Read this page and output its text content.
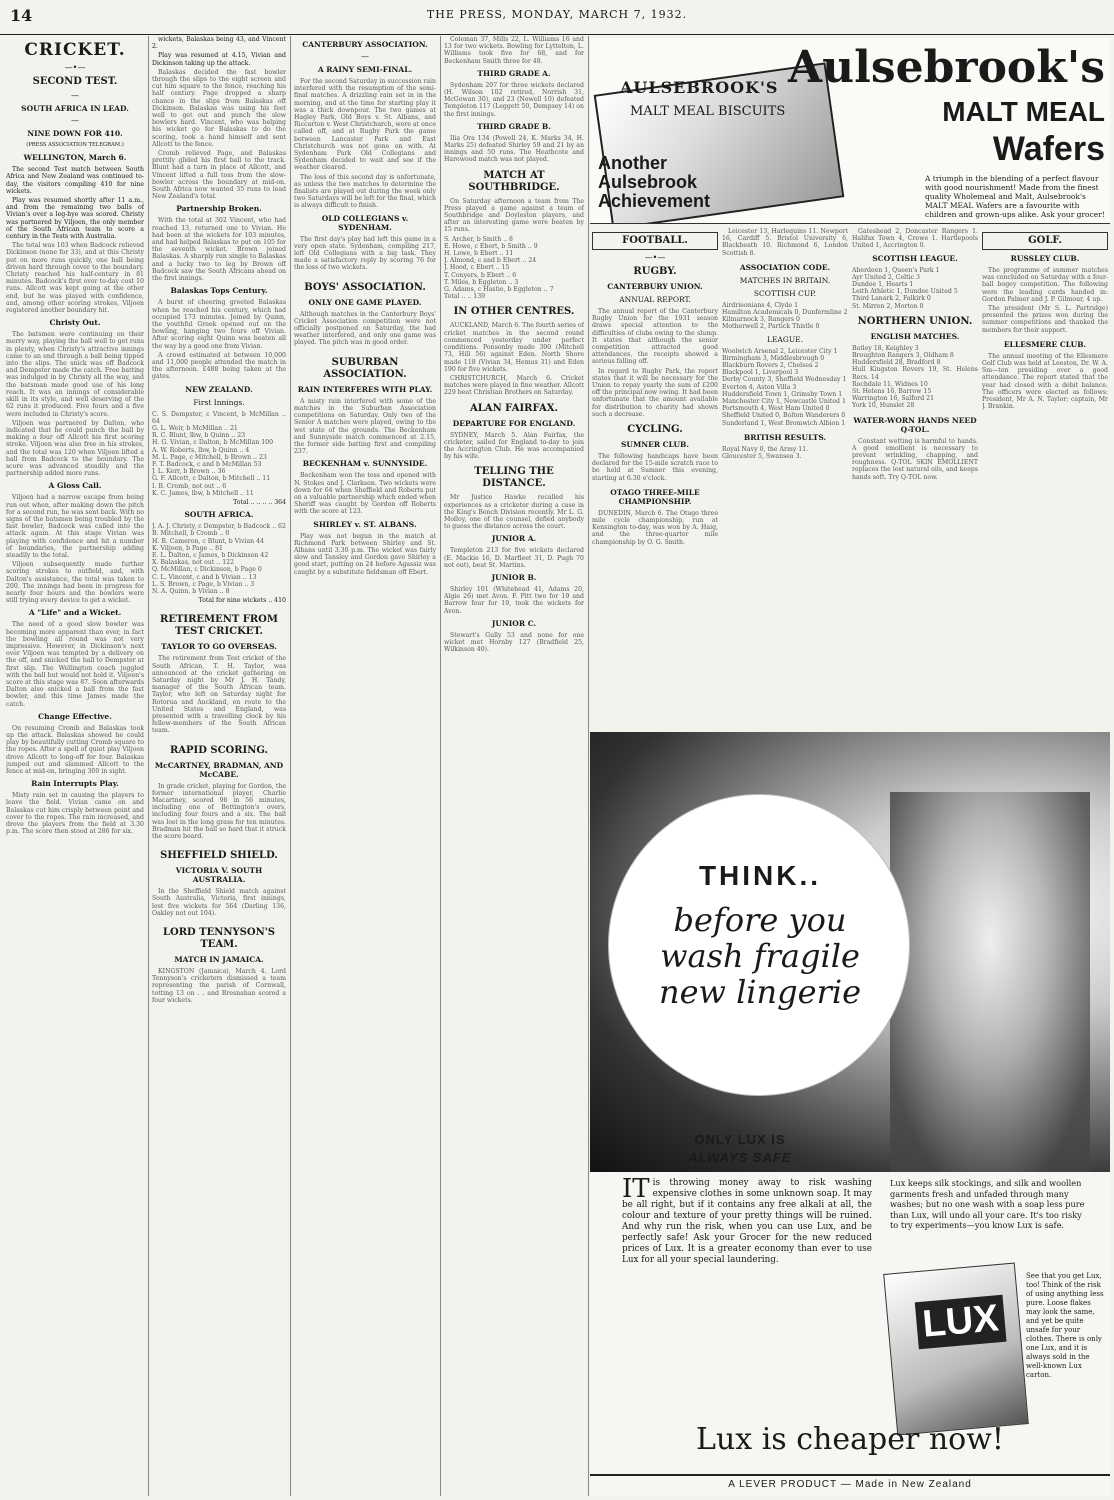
14	THE PRESS, MONDAY, MARCH 7, 1932.
CRICKET.
—•—
SECOND TEST.
—
SOUTH AFRICA IN LEAD.
—
NINE DOWN FOR 410.
(PRESS ASSOCIATION TELEGRAM.)
WELLINGTON, March 6.

The second Test match between South Africa and New Zealand was continued to-day, the visitors compiling 410 for nine wickets.

Play was resumed shortly after 11 a.m., and from the remaining two balls of Vivian's over a leg-bye was scored. Christy was partnered by Viljoen, the only member of the South African team to score a century in the Tests with Australia.

The total was 103 when Badcock relieved Dickinson (none for 33), and at this Christy put on more runs quickly, one ball being driven hard through cover to the boundary. Christy reached his half-century in 81 minutes. Badcock's first over to-day cost 10 runs. Allcott was kept going at the other end, but he was played with confidence, and, among other scoring strokes, Viljoen registered another boundary hit.

Christy Out.

The batsmen were continuing on their merry way, playing the ball well to get runs in plenty, when Christy's attractive innings came to an end through a ball being tipped into the slips. The snick was off Badcock and Dempster made the catch. Free batting was indulged in by Christy all the way, and the batsman made good use of his long reach. It was an innings of considerable skill in its style, and well deserving of the 62 runs it produced. Five fours and a five were included in Christy's score.

Viljoen was partnered by Dalton, who indicated that he could punch the ball by making a four off Allcott his first scoring stroke. Viljoen was also free in his strokes, and the total was 120 when Viljoen lifted a ball from Badcock to the boundary. The score was advanced steadily and the partnership added more runs.

A Gloss Call.

Viljoen had a narrow escape from being run out when, after making down the pitch for a second run, he was sent back. With no signs of the batsmen being troubled by the fast bowler, Badcock was called into the attack again. At this stage Vivian was playing with confidence and hit a number of boundaries, the partnership adding steadily to the total.

Viljoen subsequently made further scoring strokes to outfield, and, with Dalton's assistance, the total was taken to 200. The innings had been in progress for nearly four hours and the bowlers were still trying every device to get a wicket.

A "Life" and a Wicket.

The need of a good slow bowler was becoming more apparent than ever, in fact the bowling all round was not very impressive. However, in Dickinson's next over Viljoen was tempted by a delivery on the off, and snicked the ball to Dempster at first slip. The Wellington coach juggled with the ball but would not hold it. Viljoen's score at this stage was 87. Soon afterwards Dalton also snicked a ball from the fast bowler, and this time James made the catch.

Change Effective.

On resuming Cromb and Balaskas took up the attack. Balaskas showed he could play by beautifully cutting Cromb square to the ropes. After a spell of quiet play Viljoen drove Allcott to long-off for four. Balaskas jumped out and slammed Allcott to the fence at mid-on, bringing 300 in sight.

Rain Interrupts Play.

Misty rain set in causing the players to leave the field. Vivian came on and Balaskas cut him crisply between point and cover to the ropes. The rain increased, and drove the players from the field at 3.30 p.m. The score then stood at 286 for six.

wickets, Balaskas being 43, and Vincent 2.

Play was resumed at 4.15, Vivian and Dickinson taking up the attack.

Balaskas decided the fast bowler through the slips to the eight screen and cut him square to the fence, reaching his half century. Page dropped a sharp chance in the slips from Balaskas off Dickinson. Balaskas was using his feet well to get out and punch the slow bowlers hard. Vincent, who was helping his wicket go for Balaskas to do the scoring, took a hand himself and sent Allcott to the fence.

Cromb relieved Page, and Balaskas prettily glided his first ball to the track. Blunt had a turn in place of Allcott, and Vincent lifted a full toss from the slow-bowler across the boundary at mid-on. South Africa now wanted 35 runs to lead New Zealand's total.

Partnership Broken.

With the total at 302 Vincent, who had reached 13, returned one to Vivian. He had been at the wickets for 103 minutes, and had helped Balaskas to put on 105 for the seventh wicket. Brown joined Balaskas. A sharply run single to Balaskas and a lucky two to leg by Brown off Badcock saw the South Africans ahead on the first innings.

Balaskas Tops Century.

A burst of cheering greeted Balaskas when he reached his century, which had occupied 173 minutes. Joined by Quinn, the youthful Greek opened out on the bowling, hanging two fours off Vivian. After scoring eight Quinn was beaten all the way by a good one from Vivian.

A crowd estimated at between 10,000 and 11,000 people attended the match in the afternoon. £488 being taken at the gates.

NEW ZEALAND.
First Innings.

C. S. Dempster, c Vincent, b McMillan .. 64
G. L. Weir, b McMillan .. 21
R. C. Blunt, lbw, b Quinn .. 23
H. G. Vivian, c Dalton, b McMillan 100
A. W. Roberts, lbw, b Quinn .. 4
M. L. Page, c Mitchell, b Brown .. 23
F. T. Badcock, c and b McMillan 53
J. L. Kerr, b Brown .. 36
G. F. Allcott, c Dalton, b Mitchell .. 11
I. B. Cromb, not out .. 6
K. C. James, lbw, b Mitchell .. 11

Total .. .. .. .. 364
SOUTH AFRICA.

J. A. J. Christy, c Dempster, b Badcock .. 62
B. Mitchell, b Cromb .. 0
H. B. Cameron, c Blunt, b Vivian 44
K. Viljoen, b Page .. 81
E. L. Dalton, c James, b Dickinson 42
X. Balaskas, not out .. 122
Q. McMillan, c Dickinson, b Page 0
C. L. Vincent, c and b Vivian .. 13
L. S. Brown, c Page, b Vivian .. 3
N. A. Quinn, b Vivian .. 8

Total for nine wickets .. 410
RETIREMENT FROM TEST CRICKET.
TAYLOR TO GO OVERSEAS.

The retirement from Test cricket of the South African, T. H. Taylor, was announced at the cricket gathering on Saturday night by Mr J. H. Tandy, manager of the South African team. Taylor, who left on Saturday night for Rotorua and Auckland, en route to the United States and England, was presented with a travelling clock by his fellow-members of the South African team.

RAPID SCORING.
McCARTNEY, BRADMAN, AND McCABE.

In grade cricket, playing for Gordon, the former international player, Charlie Macartney, scored 96 in 56 minutes, including one of Bettington's overs, including four fours and a six. The ball was lost in the long grass for ten minutes. Bradman hit the ball so hard that it struck the score board.

SHEFFIELD SHIELD.
VICTORIA V. SOUTH AUSTRALIA.

In the Sheffield Shield match against South Australia, Victoria, first innings, lost five wickets for 564 (Darling 136, Oakley not out 104).

LORD TENNYSON'S TEAM.
MATCH IN JAMAICA.

KINGSTON (Jamaica), March 4. Lord Tennyson's cricketers dismissed a team representing the parish of Cornwall, totting 13 on . . and Bresnahan scored a four wickets.

CANTERBURY ASSOCIATION.
—
A RAINY SEMI-FINAL.

For the second Saturday in succession rain interfered with the resumption of the semi-final matches. A drizzling rain set in in the morning, and at the time for starting play it was a thick downpour. The two games at Hagley Park, Old Boys v. St. Albans, and Riccarton v. West Christchurch, were at once called off, and at Rugby Park the game between Lancaster Park and East Christchurch was not gone on with. At Sydenham Park Old Collegians and Sydenham decided to wait and see if the weather cleared.

The loss of this second day is unfortunate, as unless the two matches to determine the finalists are played out during the week only two Saturdays will be left for the final, which is always difficult to finish.

OLD COLLEGIANS v. SYDENHAM.

The first day's play had left this game in a very open state. Sydenham, compiling 217, left Old Collegians with a big task. They made a satisfactory reply by scoring 76 for the loss of two wickets.

BOYS' ASSOCIATION.
ONLY ONE GAME PLAYED.

Although matches in the Canterbury Boys' Cricket Association competition were not officially postponed on Saturday, the bad weather interfered, and only one game was played. The pitch was in good order.

SUBURBAN ASSOCIATION.
RAIN INTERFERES WITH PLAY.

A misty rain interfered with some of the matches in the Suburban Association competitions on Saturday. Only two of the Senior A matches were played, owing to the wet state of the grounds. The Beckenham and Sunnyside match commenced at 2.15, the former side batting first and compiling 237.

BECKENHAM v. SUNNYSIDE.

Beckenham won the toss and opened with N. Stokes and J. Clarkson. Two wickets were down for 64 when Sheffield and Roberts put on a valuable partnership which ended when Sheriff was caught by Gordon off Roberts with the score at 123.

SHIRLEY v. ST. ALBANS.

Play was not begun in the match at Richmond Park between Shirley and St. Albans until 3.30 p.m. The wicket was fairly slow and Tansley and Gordon gave Shirley a good start, putting on 24 before Agassiz was caught by a substitute fieldsman off Ebert.

Coleman 37, Mills 22, L. Williams 16 and 13 for two wickets. Bowling for Lyttelton, L. Williams took five for 68, and for Beckenham Smith three for 48.

THIRD GRADE A.

Sydenham 207 for three wickets declared (H. Wilson 102 retired, Norrish 31, McGowan 30), and 23 (Newell 10) defeated Templeton 117 (Leggett 50, Dempsey 14) on the first innings.

THIRD GRADE B.

Ilia Ora 134 (Powell 24, K. Marks 34, H. Marks 25) defeated Shirley 59 and 21 by an innings and 50 runs. The Heathcote and Harewood match was not played.

MATCH AT SOUTHBRIDGE.

On Saturday afternoon a team from The Press played a game against a team of Southbridge and Doyleston players, and after an interesting game were beaten by 15 runs.

S. Archer, b Smith .. 8
E. Howe, c Ebert, b Smith .. 9
H. Lowe, b Ebert .. 11
J. Almond, c and b Ebert .. 24
J. Hood, c Ebert .. 15
T. Conyers, b Ebert .. 6
T. Miles, b Eggleton .. 3
G. Adams, c Hastie, b Eggleton .. 7
Total .. .. 139

IN OTHER CENTRES.

AUCKLAND, March 6. The fourth series of cricket matches in the second round commenced yesterday under perfect conditions. Ponsonby made 390 (Mitchell 73, Hill 56) against Eden. North Shore made 118 (Vivian 34, Hemus 31) and Eden 190 for five wickets.

CHRISTCHURCH, March 6. Cricket matches were played in fine weather. Allcott 229 beat Christian Brothers on Saturday.

ALAN FAIRFAX.
DEPARTURE FOR ENGLAND.

SYDNEY, March 5. Alan Fairfax, the cricketer, sailed for England to-day to join the Accrington Club. He was accompanied by his wife.

TELLING THE DISTANCE.

Mr Justice Hawke recalled his experiences as a cricketer during a case in the King's Bench Division recently. Mr L. G. Molloy, one of the counsel, defied anybody to guess the distance across the court.

JUNIOR A.

Templeton 213 for five wickets declared (E. Mackie 16, D. Marfleet 31, D. Pugh 70 not out), beat St. Martins.

JUNIOR B.

Shirley 101 (Whitehead 41, Adams 20, Algie 26) met Avon. F. Pitt two for 19 and Barrow four for 19, took the wickets for Avon.

JUNIOR C.

Stewart's Gully 53 and none for one wicket met Hornby 127 (Bradfield 25, Wilkinson 40).

AULSEBROOK'S
MALT MEAL BISCUITS
Aulsebrook's
MALT MEAL
Wafers
Another Aulsebrook Achievement
A triumph in the blending of a perfect flavour with good nourishment! Made from the finest quality Wholemeal and Malt, Aulsebrook's MALT MEAL Wafers are a favourite with children and grown-ups alike. Ask your grocer!
FOOTBALL.
—•—
RUGBY.
CANTERBURY UNION.
ANNUAL REPORT.

The annual report of the Canterbury Rugby Union for the 1931 season draws special attention to the difficulties of clubs owing to the slump. It states that although the senior competition attracted good attendances, the receipts showed a serious falling off.

In regard to Rugby Park, the report states that it will be necessary for the Union to repay yearly the sum of £200 off the principal now owing. It had been unfortunate that the amount available for distribution to charity had shown such a decrease.

CYCLING.
SUMNER CLUB.

The following handicaps have been declared for the 15-mile scratch race to be held at Sumner this evening, starting at 6.30 o'clock.

OTAGO THREE-MILE CHAMPIONSHIP.

DUNEDIN, March 6. The Otago three mile cycle championship, run at Kensington to-day, was won by A. Haig, and the three-quarter mile championship by O. G. Smith.

Leicester 13, Harlequins 11. Newport 16, Cardiff 5. Bristol University 6, Blackheath 10. Richmond 6, London Scottish 8.

ASSOCIATION CODE.
MATCHES IN BRITAIN.
SCOTTISH CUP.

Airdrieonians 4, Clyde 1
Hamilton Academicals 0, Dunfermline 2
Kilmarnock 3, Rangers 0
Motherwell 2, Partick Thistle 0

LEAGUE.

Woolwich Arsenal 2, Leicester City 1
Birmingham 3, Middlesbrough 0
Blackburn Rovers 2, Chelsea 2
Blackpool 1, Liverpool 3
Derby County 3, Sheffield Wednesday 1
Everton 4, Aston Villa 3
Huddersfield Town 1, Grimsby Town 1
Manchester City 1, Newcastle United 1
Portsmouth 4, West Ham United 0
Sheffield United 0, Bolton Wanderers 0
Sunderland 1, West Bromwich Albion 1

BRITISH RESULTS.

Royal Navy 0, the Army 11.
Gloucester 5, Swansea 3.

Gateshead 2, Doncaster Rangers 1. Halifax Town 4, Crewe 1. Hartlepools United 1, Accrington 0.

SCOTTISH LEAGUE.

Aberdeen 1, Queen's Park 1
Ayr United 2, Celtic 3
Dundee 1, Hearts 1
Leith Athletic 1, Dundee United 5
Third Lanark 2, Falkirk 0
St. Mirren 2, Morton 0

NORTHERN UNION.
ENGLISH MATCHES.

Batley 18, Keighley 3
Broughton Rangers 3, Oldham 8
Huddersfield 28, Bradford 8
Hull Kingston Rovers 19, St. Helens Recs. 14
Rochdale 11, Widnes 10
St. Helens 16, Barrow 15
Warrington 16, Salford 21
York 10, Hunslet 28

WATER-WORN HANDS NEED Q-TOL.

Constant wetting is harmful to hands. A good emollient is necessary to prevent wrinkling, chapping, and roughness. Q-TOL SKIN EMOLLIENT replaces the lost natural oils, and keeps hands soft. Try Q-TOL now.

GOLF.
RUSSLEY CLUB.

The programme of summer matches was concluded on Saturday with a four-ball bogey competition. The following were the leading cards handed in: Gordon Palmer and J. P. Gilmour, 4 up.

The president (Mr S. L. Partridge) presented the prizes won during the summer competitions and thanked the members for their support.

ELLESMERE CLUB.

The annual meeting of the Ellesmere Golf Club was held at Leeston, Dr. W. A. Sm—ton presiding over a good attendance. The report stated that the year had closed with a debit balance. The officers were elected as follows: President, Mr A. N. Taylor; captain, Mr J. Brankin.

THINK..
before you wash fragile new lingerie
ONLY LUX IS
ALWAYS SAFE
IT is throwing money away to risk washing expensive clothes in some unknown soap. It may be all right, but if it contains any free alkali at all, the colour and texture of your pretty things will be ruined. And why run the risk, when you can use Lux, and be perfectly safe! Ask your Grocer for the new reduced prices of Lux. It is a greater economy than ever to use Lux for all your special laundering.
Lux keeps silk stockings, and silk and woollen garments fresh and unfaded through many washes; but no one wash with a soap less pure than Lux, will undo all your care. It's too risky to try experiments—you know Lux is safe.
See that you get Lux, too! Think of the risk of using anything less pure. Loose flakes may look the same, and yet be quite unsafe for your clothes. There is only one Lux, and it is always sold in the well-known Lux carton.
LUX
Lux is cheaper now!
A LEVER PRODUCT — Made in New Zealand
